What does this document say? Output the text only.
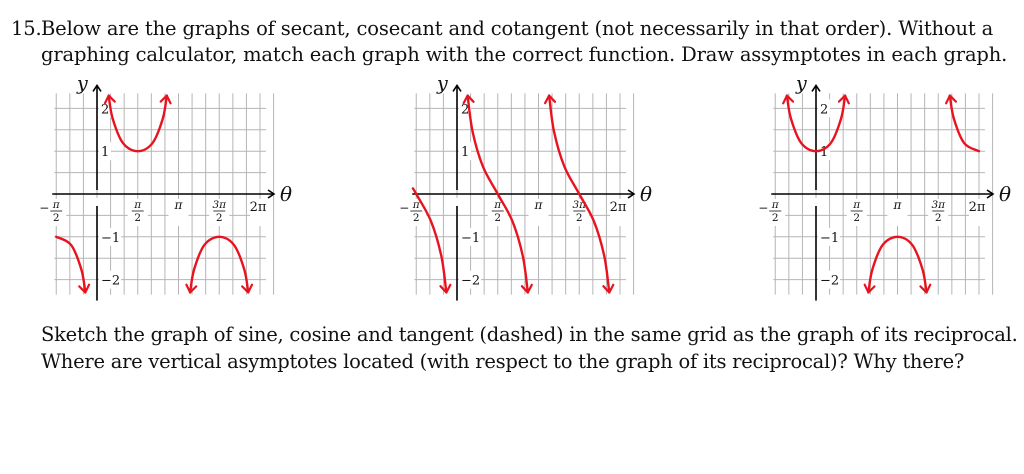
15.Below are the graphs of secant, cosecant and cotangent (not necessarily in that order). Without a
graphing calculator, match each graph with the correct function. Draw assymptotes in each graph.
y
θ
− π
2
π
2
π	3π
2
2π
2
1
−1
−2
y
θ
− π
2
π
2
π	3π
2
2π
2
1
−1
−2
y
θ
− π
2
π
2
π	3π
2
2π
2
1
−1
−2
Sketch the graph of sine, cosine and tangent (dashed) in the same grid as the graph of its reciprocal.
Where are vertical asymptotes located (with respect to the graph of its reciprocal)? Why there?
